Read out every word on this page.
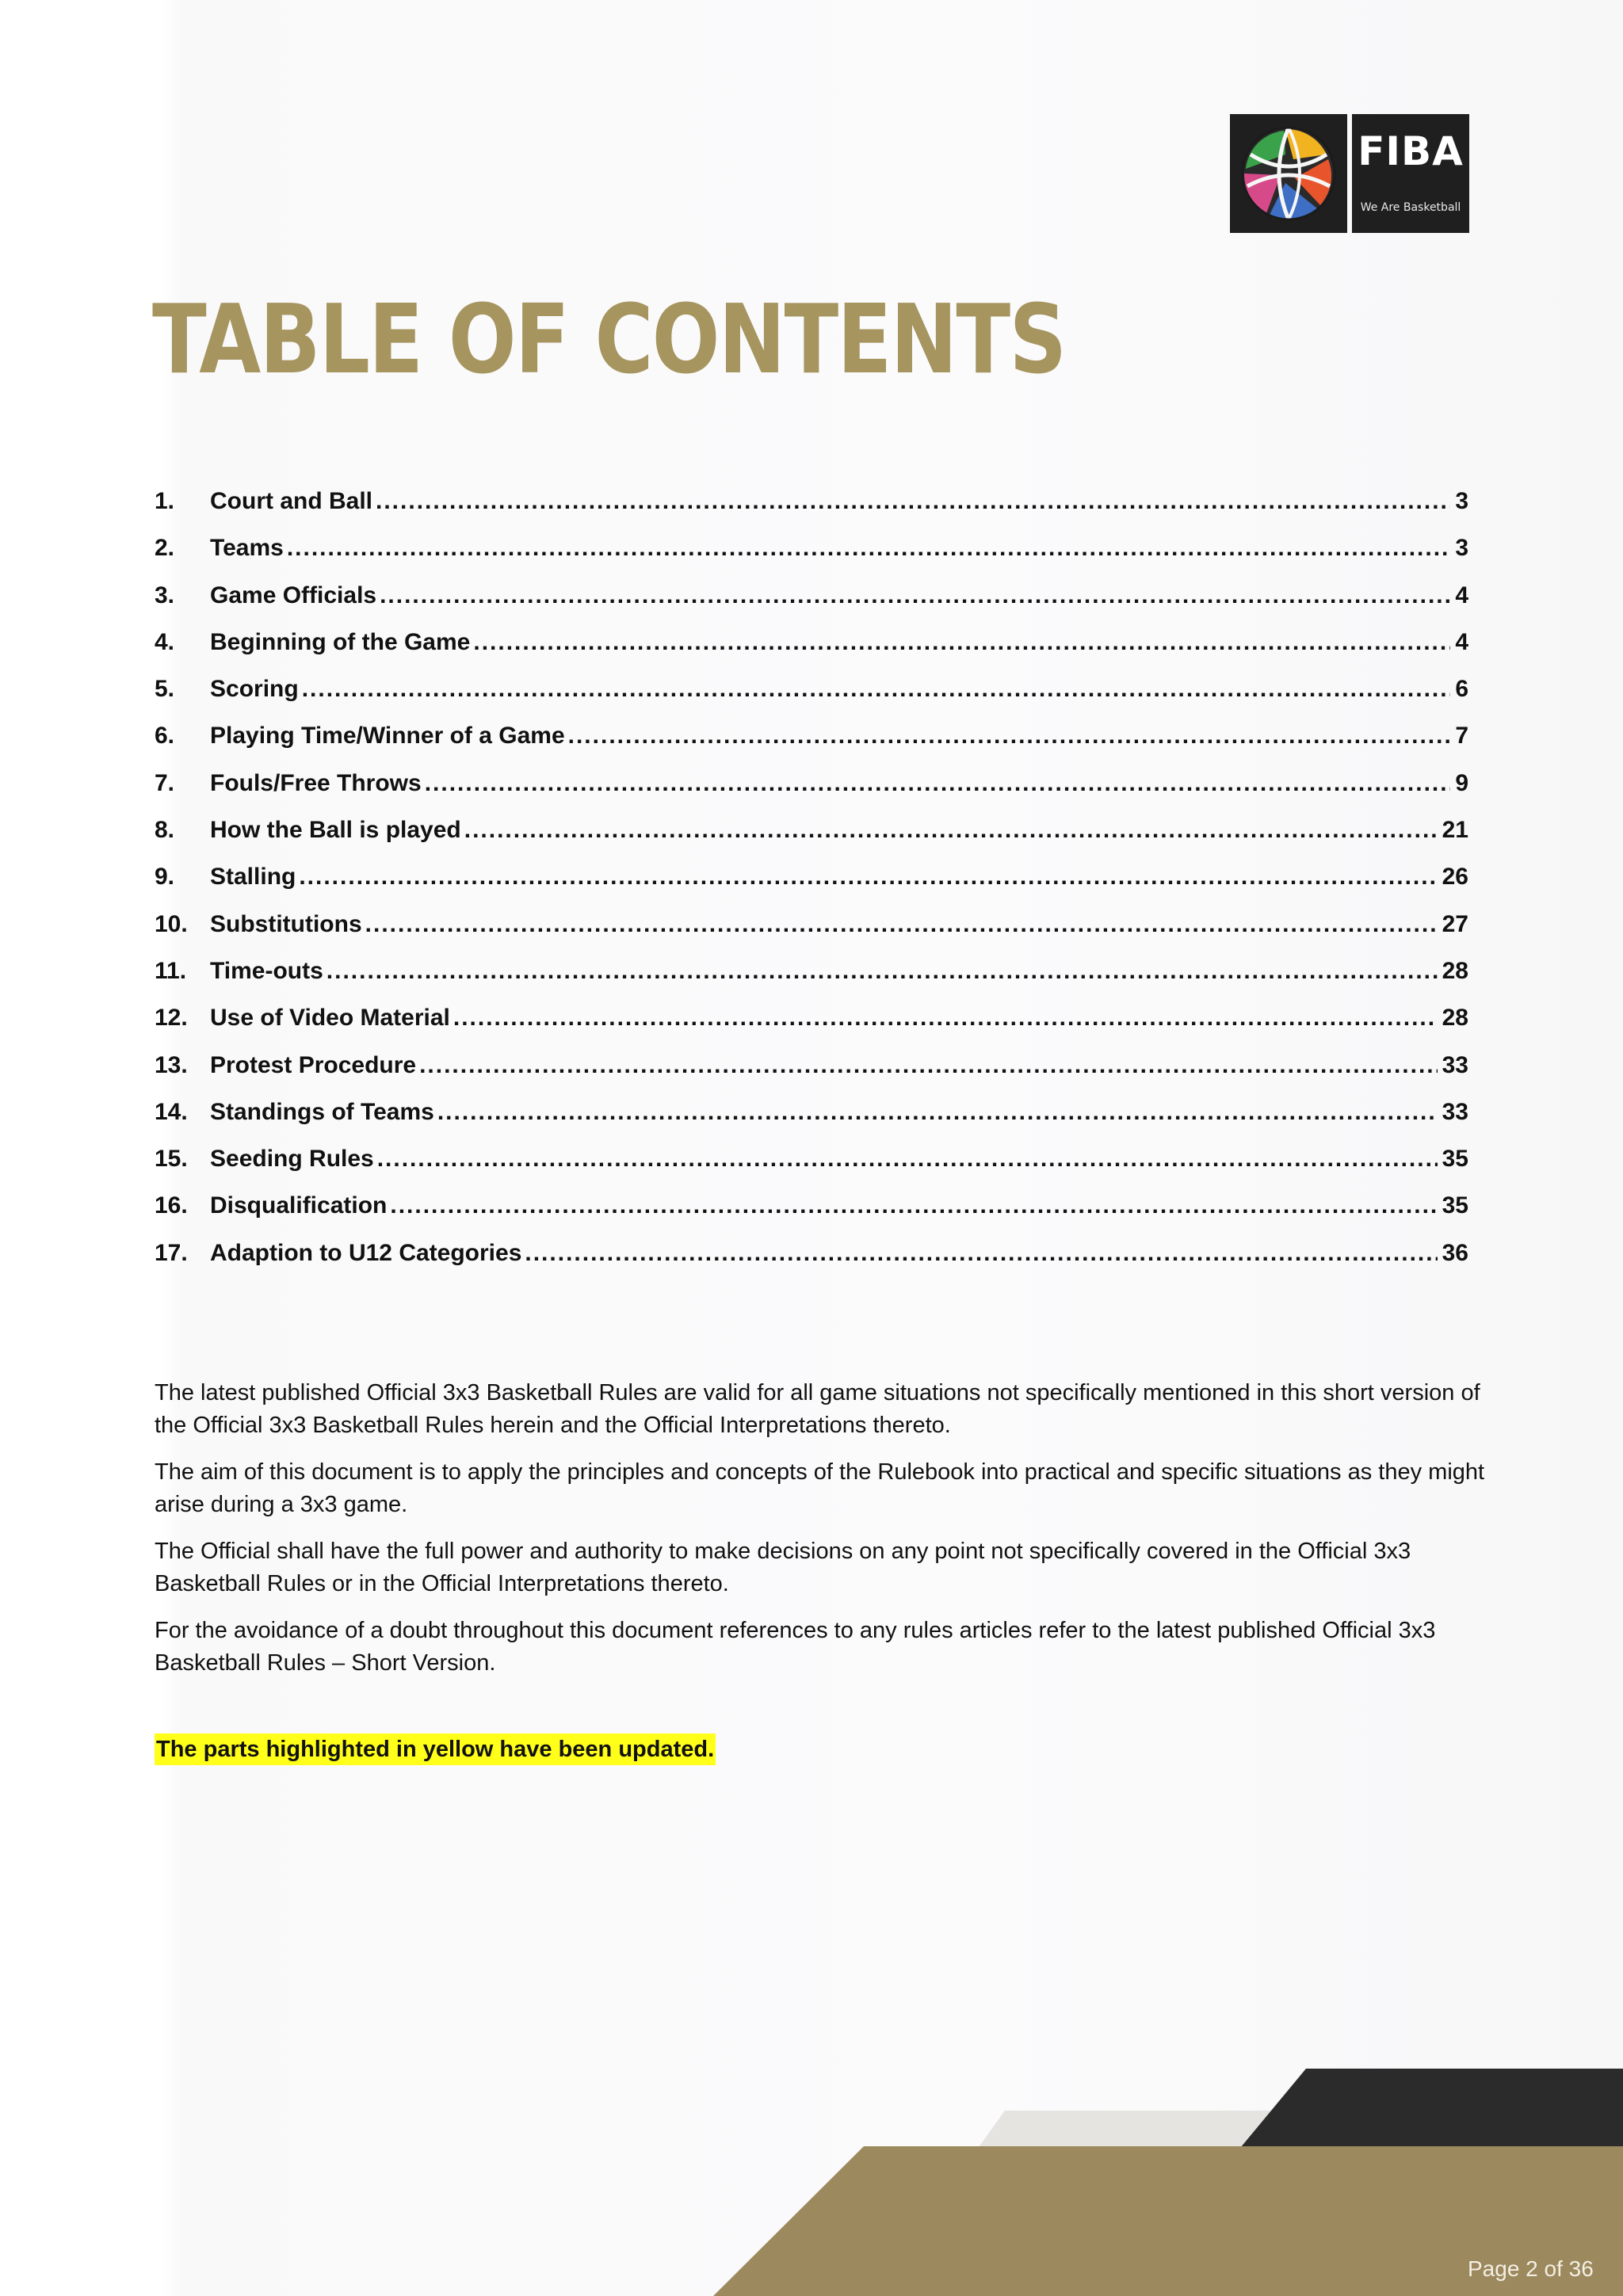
FIBA
We Are Basketball
TABLE OF CONTENTS
1.	Court and Ball .....	3
2.	Teams .....	3
3.	Game Officials .....	4
4.	Beginning of the Game .....	4
5.	Scoring .....	6
6.	Playing Time/Winner of a Game .....	7
7.	Fouls/Free Throws .....	9
8.	How the Ball is played .....	21
9.	Stalling .....	26
10. Substitutions .....	27
11. Time-outs .....	28
12. Use of Video Material .....	28
13. Protest Procedure .....	33
14. Standings of Teams .....	33
15. Seeding Rules .....	35
16. Disqualification .....	35
17. Adaption to U12 Categories .....	36

The latest published Official 3x3 Basketball Rules are valid for all game situations not specifically mentioned in this short version of the Official 3x3 Basketball Rules herein and the Official Interpretations thereto.

The aim of this document is to apply the principles and concepts of the Rulebook into practical and specific situations as they might arise during a 3x3 game.

The Official shall have the full power and authority to make decisions on any point not specifically covered in the Official 3x3 Basketball Rules or in the Official Interpretations thereto.

For the avoidance of a doubt throughout this document references to any rules articles refer to the latest published Official 3x3 Basketball Rules – Short Version.

The parts highlighted in yellow have been updated.
Page 2 of 36
